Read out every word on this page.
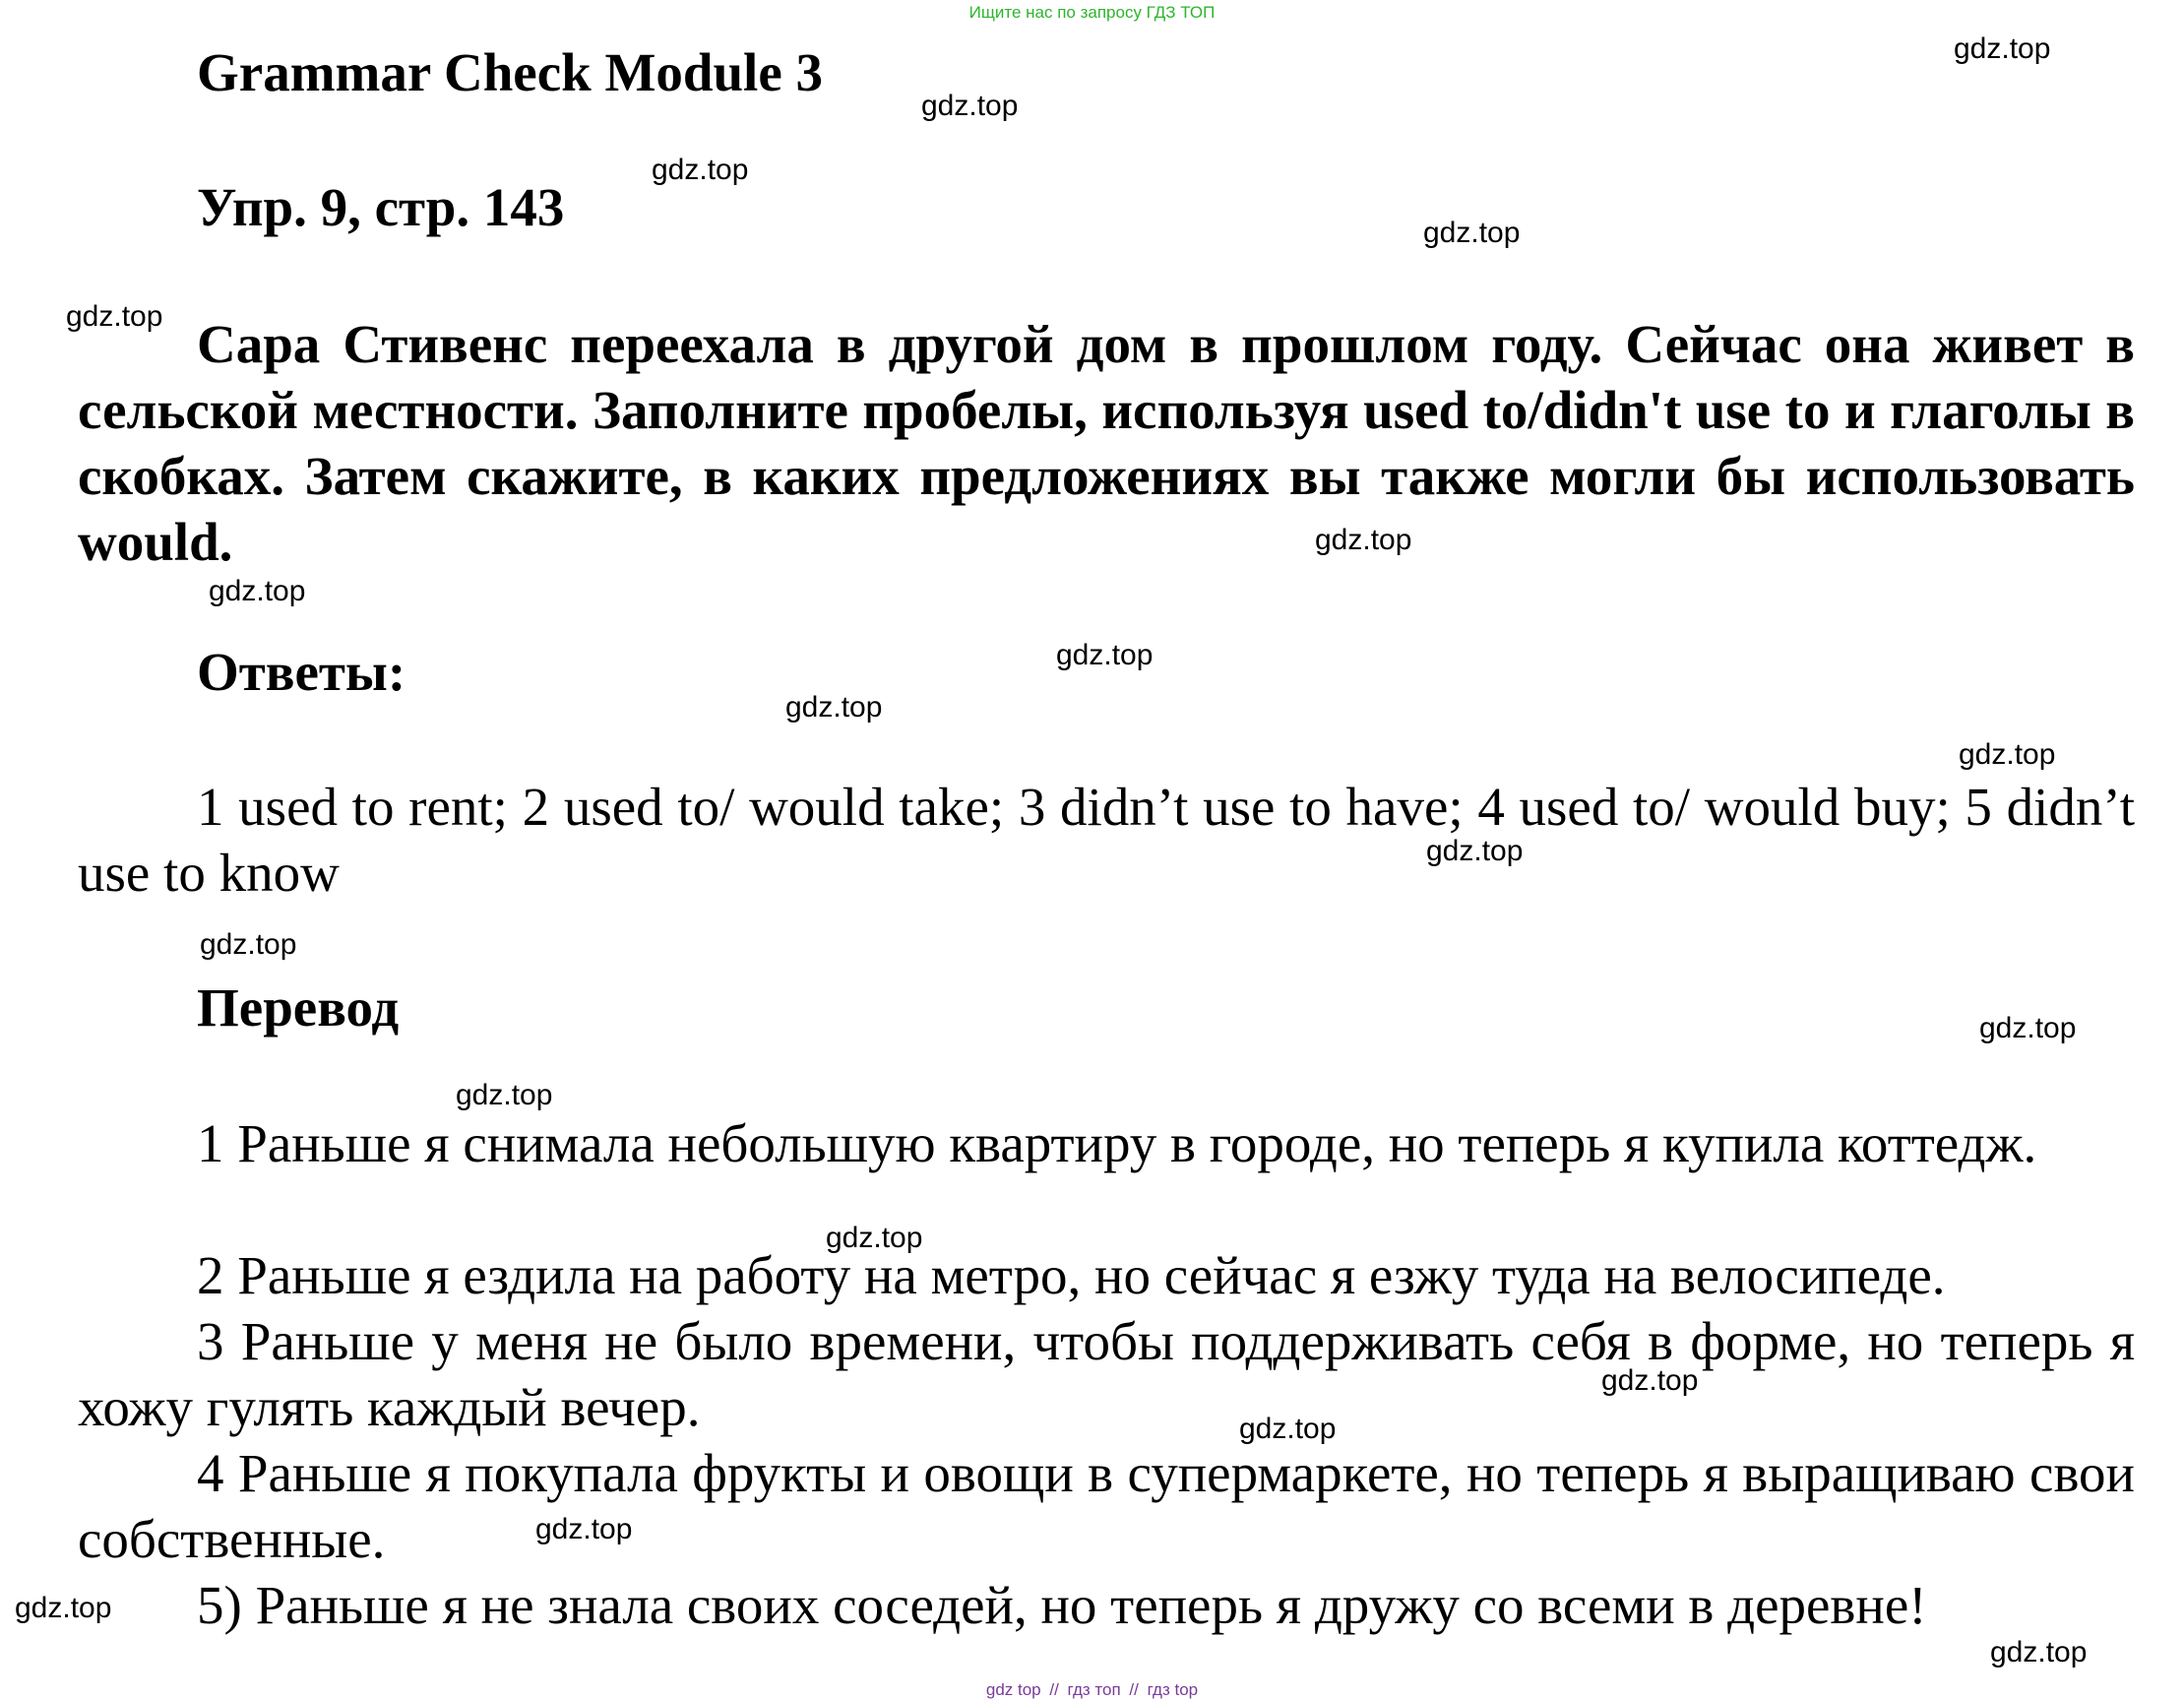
Ищите нас по запросу ГДЗ ТОП
Grammar Check Module 3
Упр. 9, стр. 143

Сара Стивенс переехала в другой дом в прошлом году. Сейчас она живет в сельской местности. Заполните пробелы, используя used to/didn't use to и глаголы в скобках. Затем скажите, в каких предложениях вы также могли бы использовать would.

Ответы:

1 used to rent; 2 used to/ would take; 3 didn’t use to have; 4 used to/ would buy; 5 didn’t use to know

Перевод

1 Раньше я снимала небольшую квартиру в городе, но теперь я купила коттедж.

2 Раньше я ездила на работу на метро, но сейчас я езжу туда на велосипеде.

3 Раньше у меня не было времени, чтобы поддерживать себя в форме, но теперь я хожу гулять каждый вечер.

4 Раньше я покупала фрукты и овощи в супермаркете, но теперь я выращиваю свои собственные.

5) Раньше я не знала своих соседей, но теперь я дружу со всеми в деревне!

gdz.top
gdz.top
gdz.top
gdz.top
gdz.top
gdz.top
gdz.top
gdz.top
gdz.top
gdz.top
gdz.top
gdz.top
gdz.top
gdz.top
gdz.top
gdz.top
gdz.top
gdz.top
gdz.top
gdz.top
gdz top // гдз топ // гдз top
